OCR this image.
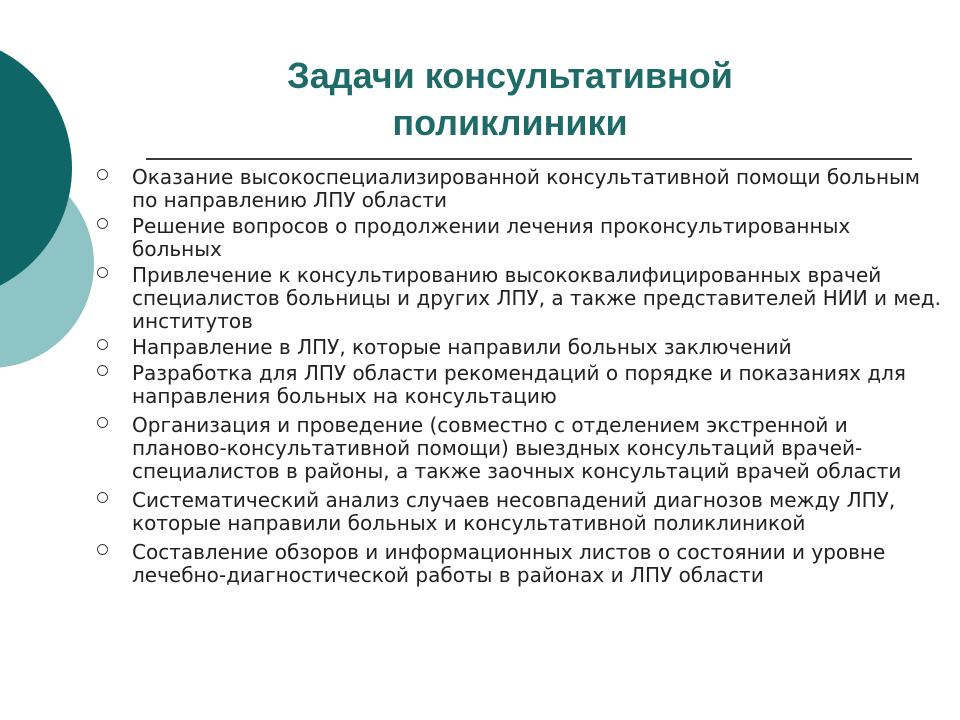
Задачи консультативной
поликлиники
Оказание высокоспециализированной консультативной помощи больным по направлению ЛПУ области
Решение вопросов о продолжении лечения проконсультированных больных
Привлечение к консультированию высококвалифицированных врачей специалистов больницы и других ЛПУ, а также представителей НИИ и мед. институтов
Направление в ЛПУ, которые направили больных заключений
Разработка для ЛПУ области рекомендаций о порядке и показаниях для направления больных на консультацию
Организация и проведение (совместно с отделением экстренной и планово-консультативной помощи) выездных консультаций врачей-специалистов в районы, а также заочных консультаций врачей области
Систематический анализ случаев несовпадений диагнозов между ЛПУ, которые направили больных и консультативной поликлиникой
Составление обзоров и информационных листов о состоянии и уровне лечебно-диагностической работы в районах и ЛПУ области
